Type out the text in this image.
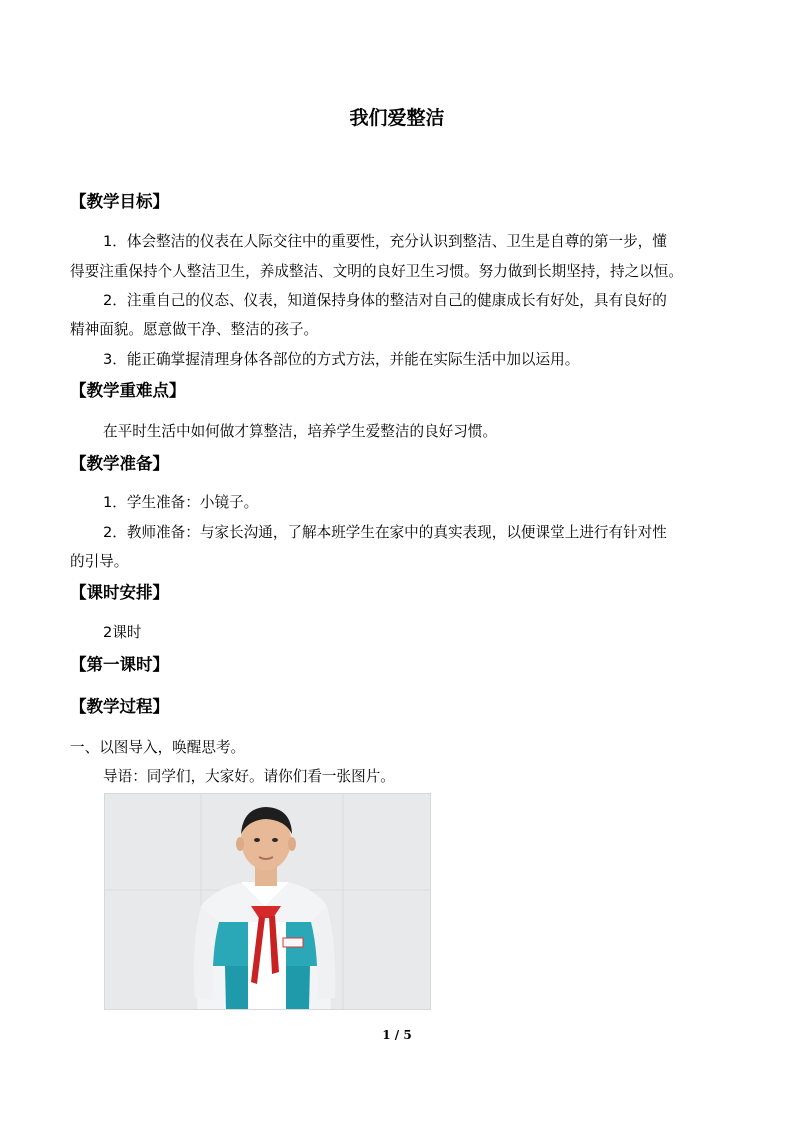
我们爱整洁
【教学目标】
1．体会整洁的仪表在人际交往中的重要性，充分认识到整洁、卫生是自尊的第一步，懂
得要注重保持个人整洁卫生，养成整洁、文明的良好卫生习惯。努力做到长期坚持，持之以恒。
2．注重自己的仪态、仪表，知道保持身体的整洁对自己的健康成长有好处，具有良好的
精神面貌。愿意做干净、整洁的孩子。
3．能正确掌握清理身体各部位的方式方法，并能在实际生活中加以运用。
【教学重难点】
在平时生活中如何做才算整洁，培养学生爱整洁的良好习惯。
【教学准备】
1．学生准备：小镜子。
2．教师准备：与家长沟通，了解本班学生在家中的真实表现，以便课堂上进行有针对性
的引导。
【课时安排】
2课时
【第一课时】
【教学过程】
一、以图导入，唤醒思考。
导语：同学们，大家好。请你们看一张图片。
1 / 5
